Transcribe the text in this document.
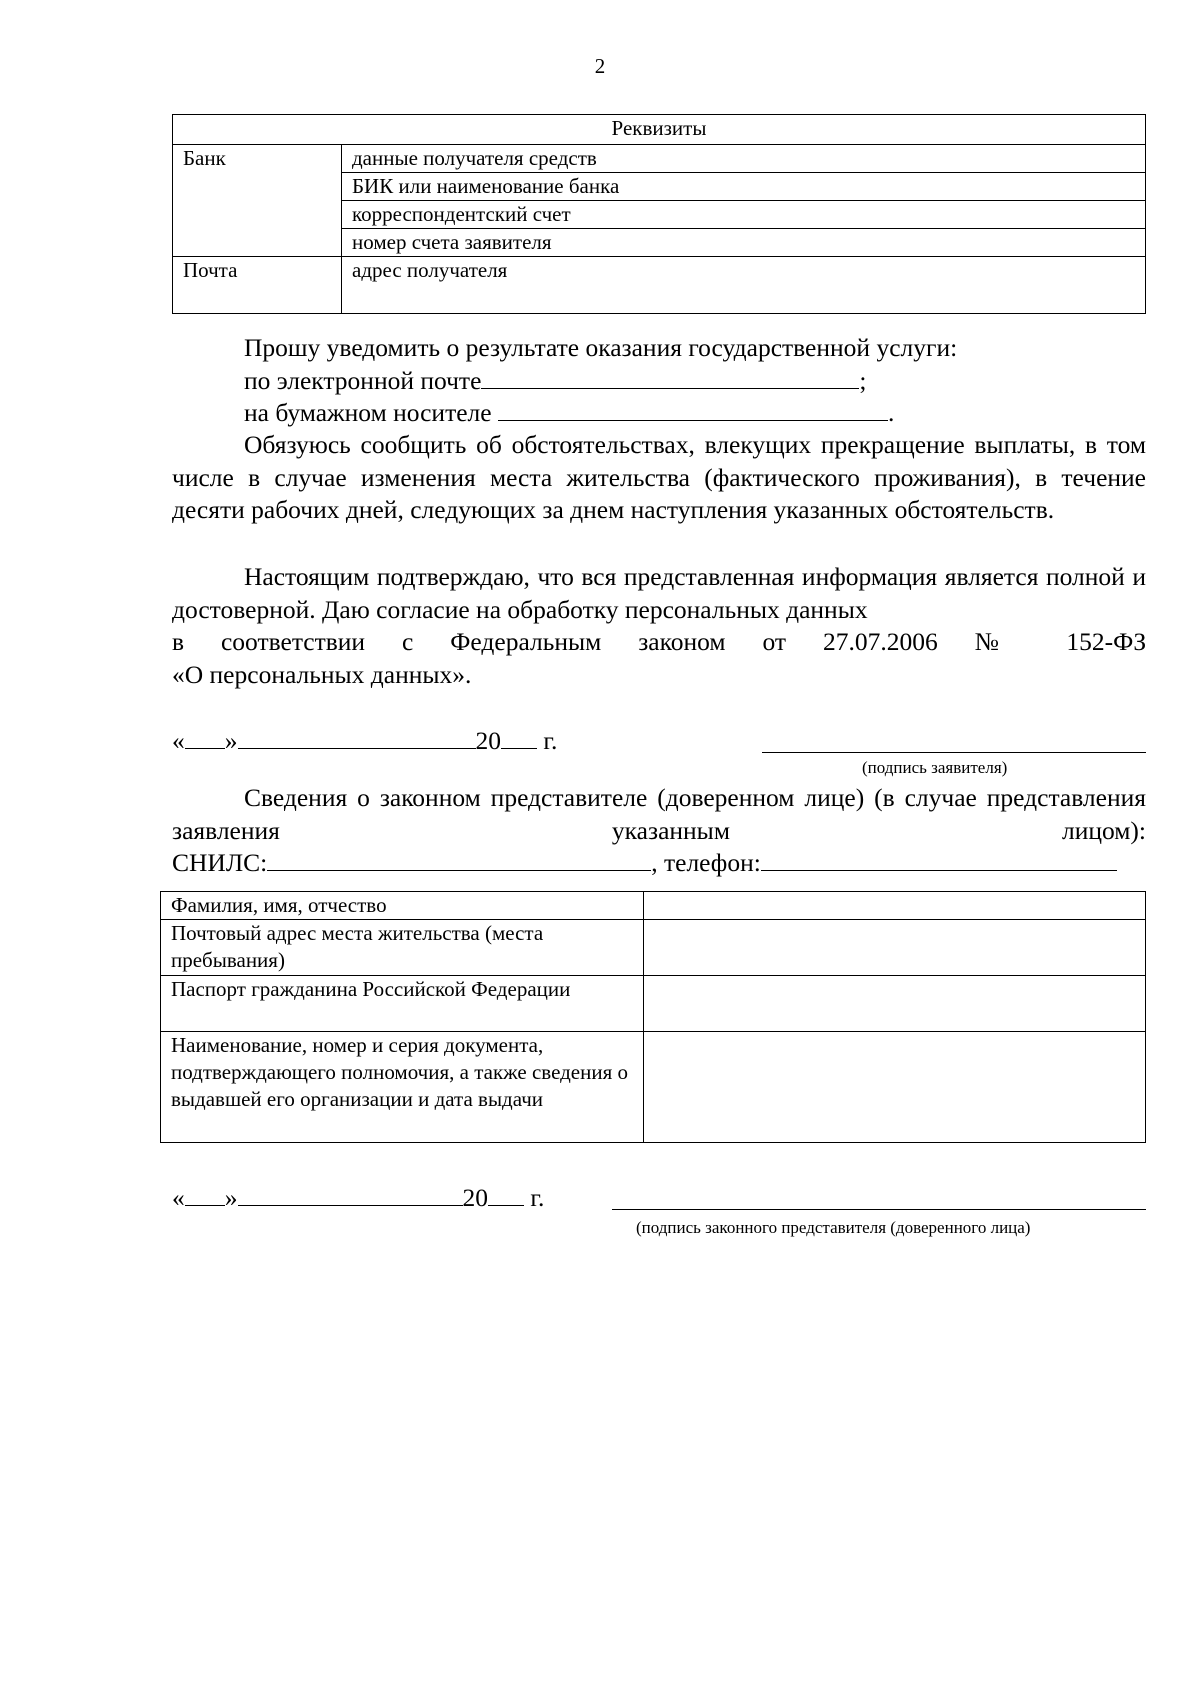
2
Реквизиты	
Банк	данные получателя средств
	БИК или наименование банка
	корреспондентский счет
	номер счета заявителя
Почта	адрес получателя
Прошу уведомить о результате оказания государственной услуги:
по электронной почте	;
на бумажном носителе	.
Обязуюсь сообщить об обстоятельствах, влекущих прекращение выплаты, в том числе в случае изменения места жительства (фактического проживания), в течение десяти рабочих дней, следующих за днем наступления указанных обстоятельств.
Настоящим подтверждаю, что вся представленная информация является полной и достоверной. Даю согласие на обработку персональных данных
в соответствии с Федеральным законом от 27.07.2006 № 152-ФЗ
«О персональных данных».
« »	20 г.
(подпись заявителя)
Сведения о законном представителе (доверенном лице) (в случае представления заявления указанным лицом):
СНИЛС:	, телефон:
Фамилия, имя, отчество	
Почтовый адрес места жительства (места пребывания)	
Паспорт гражданина Российской Федерации	
Наименование, номер и серия документа, подтверждающего полномочия, а также сведения о выдавшей его организации и дата выдачи	
« »	20 г.
(подпись законного представителя (доверенного лица)
